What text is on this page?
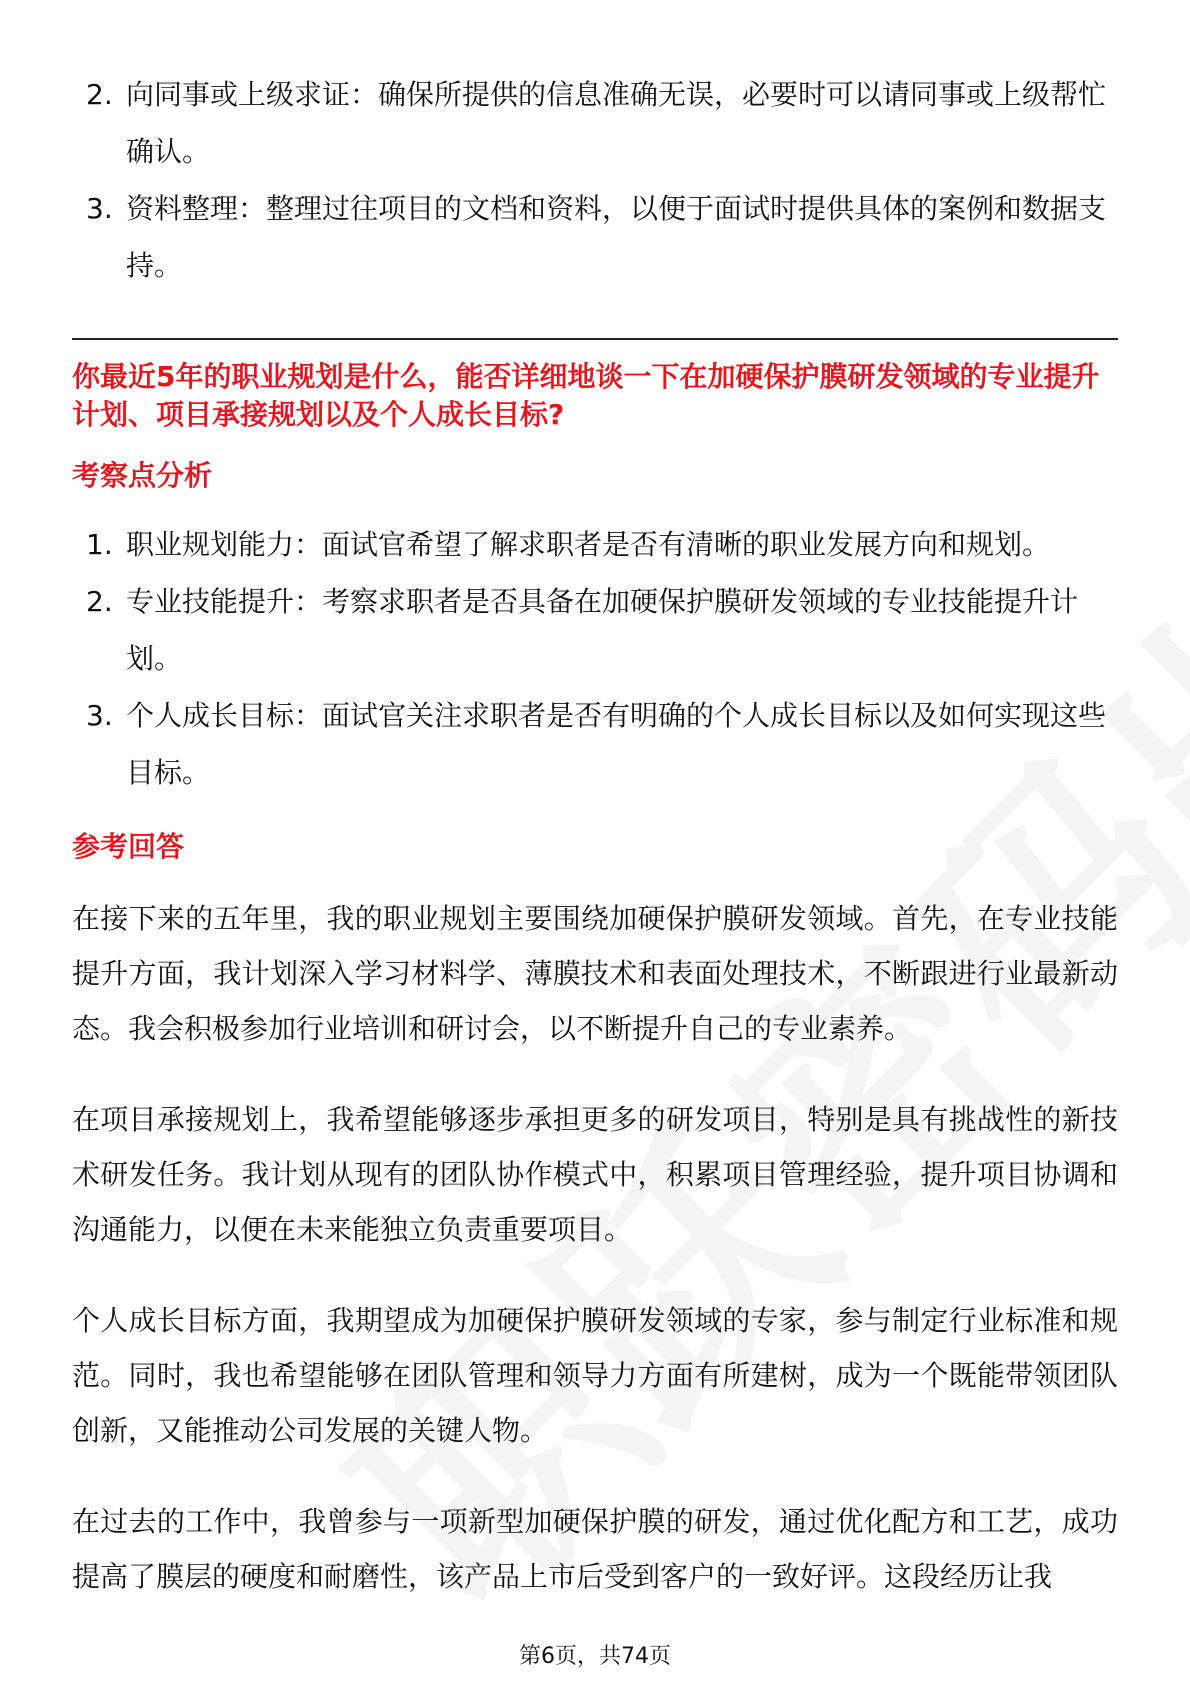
2. 向同事或上级求证：确保所提供的信息准确无误，必要时可以请同事或上级帮忙确认。
3. 资料整理：整理过往项目的文档和资料，以便于面试时提供具体的案例和数据支持。

你最近5年的职业规划是什么，能否详细地谈一下在加硬保护膜研发领域的专业提升计划、项目承接规划以及个人成长目标?

考察点分析

1. 职业规划能力：面试官希望了解求职者是否有清晰的职业发展方向和规划。
2. 专业技能提升：考察求职者是否具备在加硬保护膜研发领域的专业技能提升计划。
3. 个人成长目标：面试官关注求职者是否有明确的个人成长目标以及如何实现这些目标。

参考回答

在接下来的五年里，我的职业规划主要围绕加硬保护膜研发领域。首先，在专业技能提升方面，我计划深入学习材料学、薄膜技术和表面处理技术，不断跟进行业最新动态。我会积极参加行业培训和研讨会，以不断提升自己的专业素养。

在项目承接规划上，我希望能够逐步承担更多的研发项目，特别是具有挑战性的新技术研发任务。我计划从现有的团队协作模式中，积累项目管理经验，提升项目协调和沟通能力，以便在未来能独立负责重要项目。

个人成长目标方面，我期望成为加硬保护膜研发领域的专家，参与制定行业标准和规范。同时，我也希望能够在团队管理和领导力方面有所建树，成为一个既能带领团队创新，又能推动公司发展的关键人物。

在过去的工作中，我曾参与一项新型加硬保护膜的研发，通过优化配方和工艺，成功提高了膜层的硬度和耐磨性，该产品上市后受到客户的一致好评。这段经历让我

第6页，共74页
